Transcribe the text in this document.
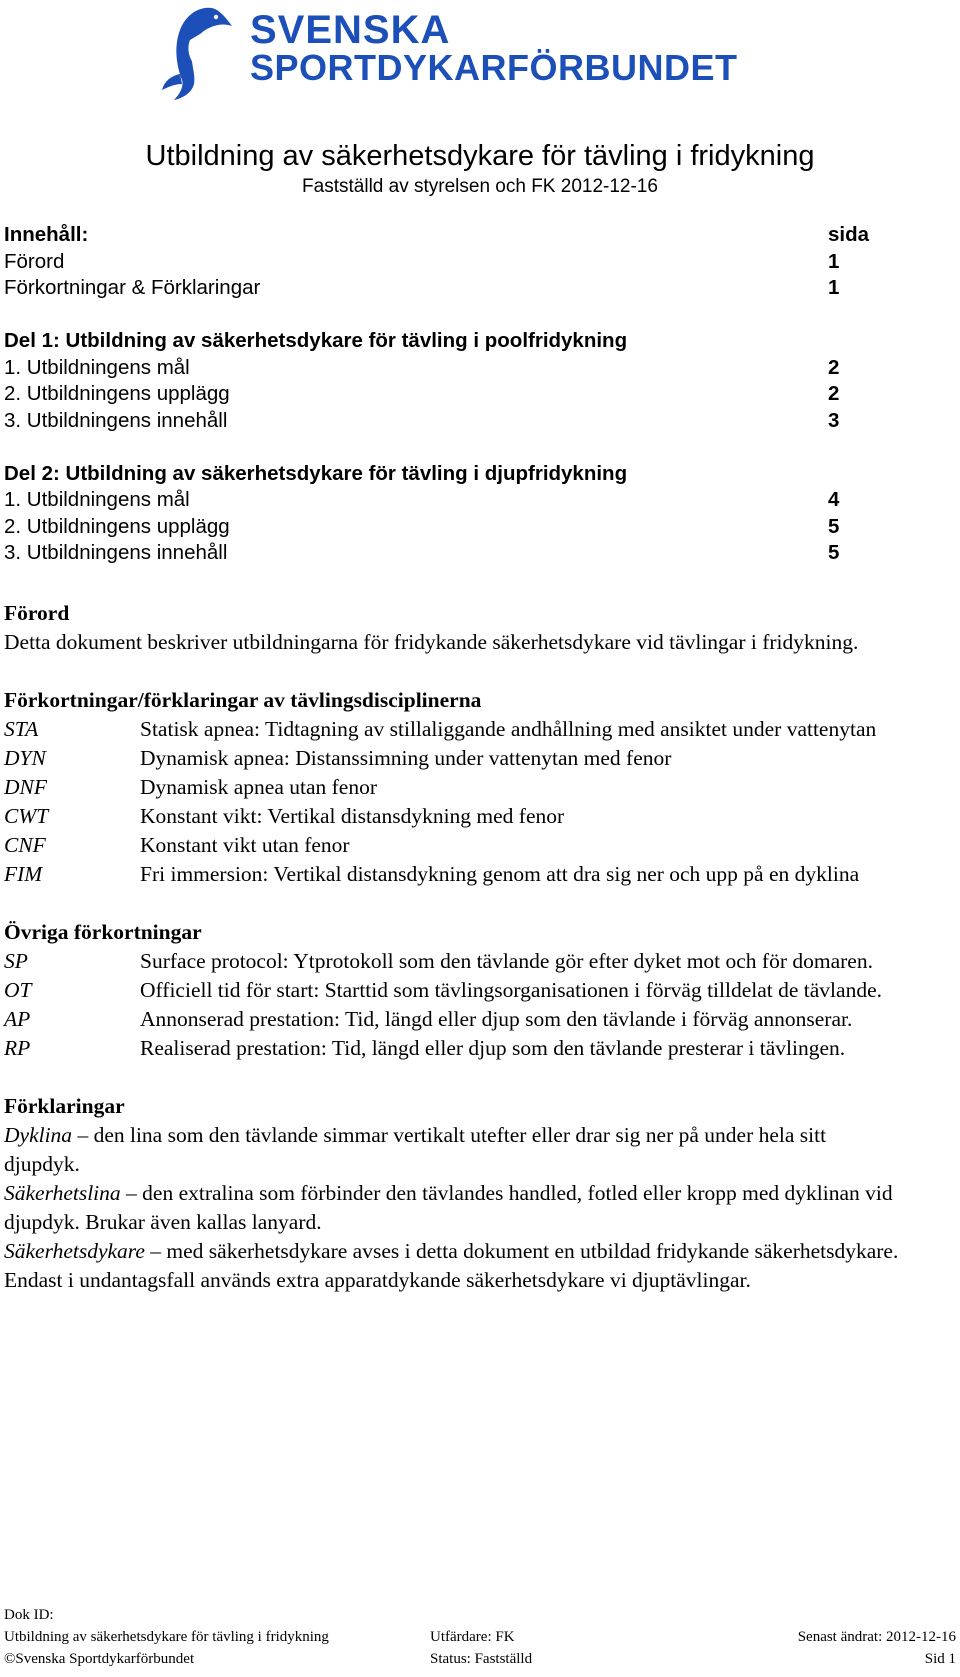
SVENSKA
SPORTDYKARFÖRBUNDET
Utbildning av säkerhetsdykare för tävling i fridykning
Fastställd av styrelsen och FK 2012-12-16
Innehåll:	sida
Förord	1
Förkortningar & Förklaringar	1
Del 1: Utbildning av säkerhetsdykare för tävling i poolfridykning
1. Utbildningens mål	2
2. Utbildningens upplägg	2
3. Utbildningens innehåll	3
Del 2: Utbildning av säkerhetsdykare för tävling i djupfridykning
1. Utbildningens mål	4
2. Utbildningens upplägg	5
3. Utbildningens innehåll	5

Förord

Detta dokument beskriver utbildningarna för fridykande säkerhetsdykare vid tävlingar i fridykning.

Förkortningar/förklaringar av tävlingsdisciplinerna

STA	Statisk apnea: Tidtagning av stillaliggande andhållning med ansiktet under vattenytan
DYN	Dynamisk apnea: Distanssimning under vattenytan med fenor
DNF	Dynamisk apnea utan fenor
CWT	Konstant vikt: Vertikal distansdykning med fenor
CNF	Konstant vikt utan fenor
FIM	Fri immersion: Vertikal distansdykning genom att dra sig ner och upp på en dyklina

Övriga förkortningar

SP	Surface protocol: Ytprotokoll som den tävlande gör efter dyket mot och för domaren.
OT	Officiell tid för start: Starttid som tävlingsorganisationen i förväg tilldelat de tävlande.
AP	Annonserad prestation: Tid, längd eller djup som den tävlande i förväg annonserar.
RP	Realiserad prestation: Tid, längd eller djup som den tävlande presterar i tävlingen.

Förklaringar

Dyklina – den lina som den tävlande simmar vertikalt utefter eller drar sig ner på under hela sitt djupdyk.

Säkerhetslina – den extralina som förbinder den tävlandes handled, fotled eller kropp med dyklinan vid djupdyk. Brukar även kallas lanyard.

Säkerhetsdykare – med säkerhetsdykare avses i detta dokument en utbildad fridykande säkerhetsdykare. Endast i undantagsfall används extra apparatdykande säkerhetsdykare vi djuptävlingar.

Dok ID:
Utbildning av säkerhetsdykare för tävling i fridykning	Utfärdare: FK	Senast ändrat: 2012-12-16
©Svenska Sportdykarförbundet	Status: Fastställd	Sid 1
